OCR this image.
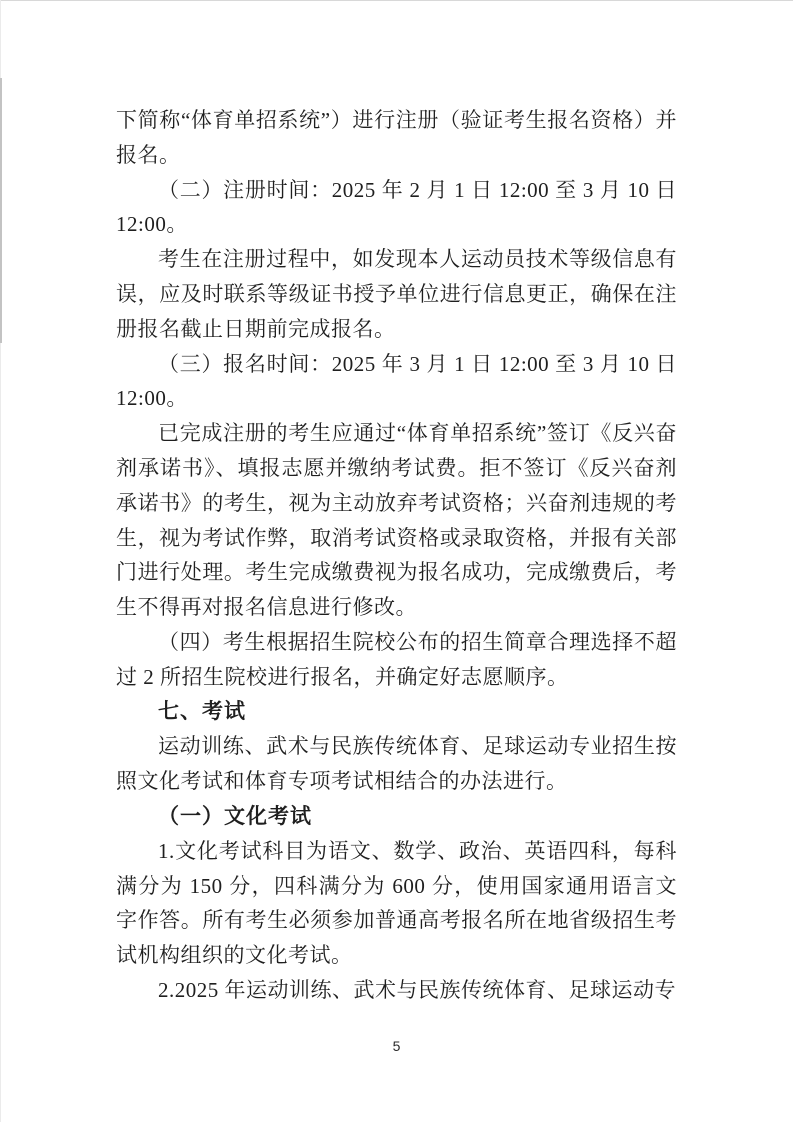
下简称“体育单招系统”）进行注册（验证考生报名资格）并报名。

（二）注册时间：2025 年 2 月 1 日 12:00 至 3 月 10 日 12:00。

考生在注册过程中，如发现本人运动员技术等级信息有误，应及时联系等级证书授予单位进行信息更正，确保在注册报名截止日期前完成报名。

（三）报名时间：2025 年 3 月 1 日 12:00 至 3 月 10 日 12:00。

已完成注册的考生应通过“体育单招系统”签订《反兴奋剂承诺书》、填报志愿并缴纳考试费。拒不签订《反兴奋剂承诺书》的考生，视为主动放弃考试资格；兴奋剂违规的考生，视为考试作弊，取消考试资格或录取资格，并报有关部门进行处理。考生完成缴费视为报名成功，完成缴费后，考生不得再对报名信息进行修改。

（四）考生根据招生院校公布的招生简章合理选择不超过 2 所招生院校进行报名，并确定好志愿顺序。

七、考试

运动训练、武术与民族传统体育、足球运动专业招生按照文化考试和体育专项考试相结合的办法进行。

（一）文化考试

1.文化考试科目为语文、数学、政治、英语四科，每科满分为 150 分，四科满分为 600 分，使用国家通用语言文字作答。所有考生必须参加普通高考报名所在地省级招生考试机构组织的文化考试。

2.2025 年运动训练、武术与民族传统体育、足球运动专

5
